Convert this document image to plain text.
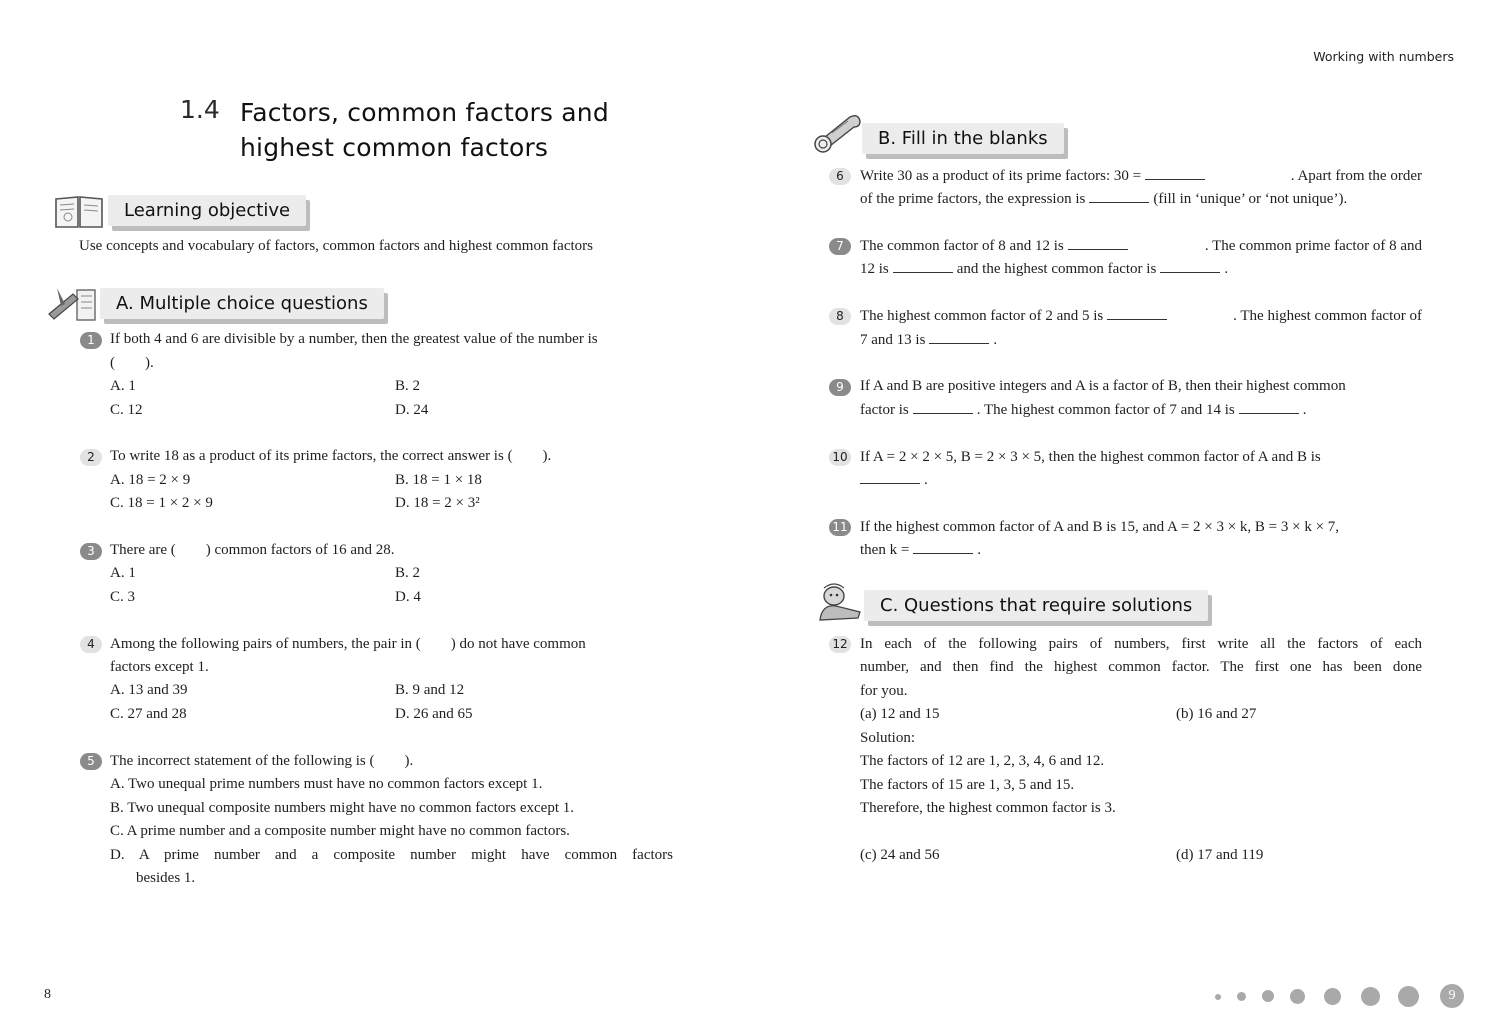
Working with numbers
1.4 Factors, common factors and
highest common factors
Learning objective
Use concepts and vocabulary of factors, common factors and highest common factors
A. Multiple choice questions
1	If both 4 and 6 are divisible by a number, then the greatest value of the number is
(　　).
A. 1	B. 2
C. 12	D. 24
2	To write 18 as a product of its prime factors, the correct answer is (　　).
A. 18 = 2 × 9	B. 18 = 1 × 18
C. 18 = 1 × 2 × 9	D. 18 = 2 × 3²
3	There are (　　) common factors of 16 and 28.
A. 1	B. 2
C. 3	D. 4
4	Among the following pairs of numbers, the pair in (　　) do not have common
factors except 1.
A. 13 and 39	B. 9 and 12
C. 27 and 28	D. 26 and 65
5	The incorrect statement of the following is (　　).
A. Two unequal prime numbers must have no common factors except 1.
B. Two unequal composite numbers might have no common factors except 1.
C. A prime number and a composite number might have no common factors.
D. A prime number and a composite number might have common factors
besides 1.
B. Fill in the blanks
6	Write 30 as a product of its prime factors: 30 =	. Apart from the order
of the prime factors, the expression is	(fill in ‘unique’ or ‘not unique’).
7	The common factor of 8 and 12 is	. The common prime factor of 8 and
12 is	and the highest common factor is	.
8	The highest common factor of 2 and 5 is	. The highest common factor of
7 and 13 is	.
9	If A and B are positive integers and A is a factor of B, then their highest common
factor is	. The highest common factor of 7 and 14 is	.
10 If A = 2 × 2 × 5, B = 2 × 3 × 5, then the highest common factor of A and B is
.
11 If the highest common factor of A and B is 15, and A = 2 × 3 × k, B = 3 × k × 7,
then k =	.
C. Questions that require solutions
12 In each of the following pairs of numbers, first write all the factors of each
number, and then find the highest common factor. The first one has been done
for you.
(a) 12 and 15	(b) 16 and 27
Solution:
The factors of 12 are 1, 2, 3, 4, 6 and 12.
The factors of 15 are 1, 3, 5 and 15.
Therefore, the highest common factor is 3.
(c) 24 and 56	(d) 17 and 119
8	9
